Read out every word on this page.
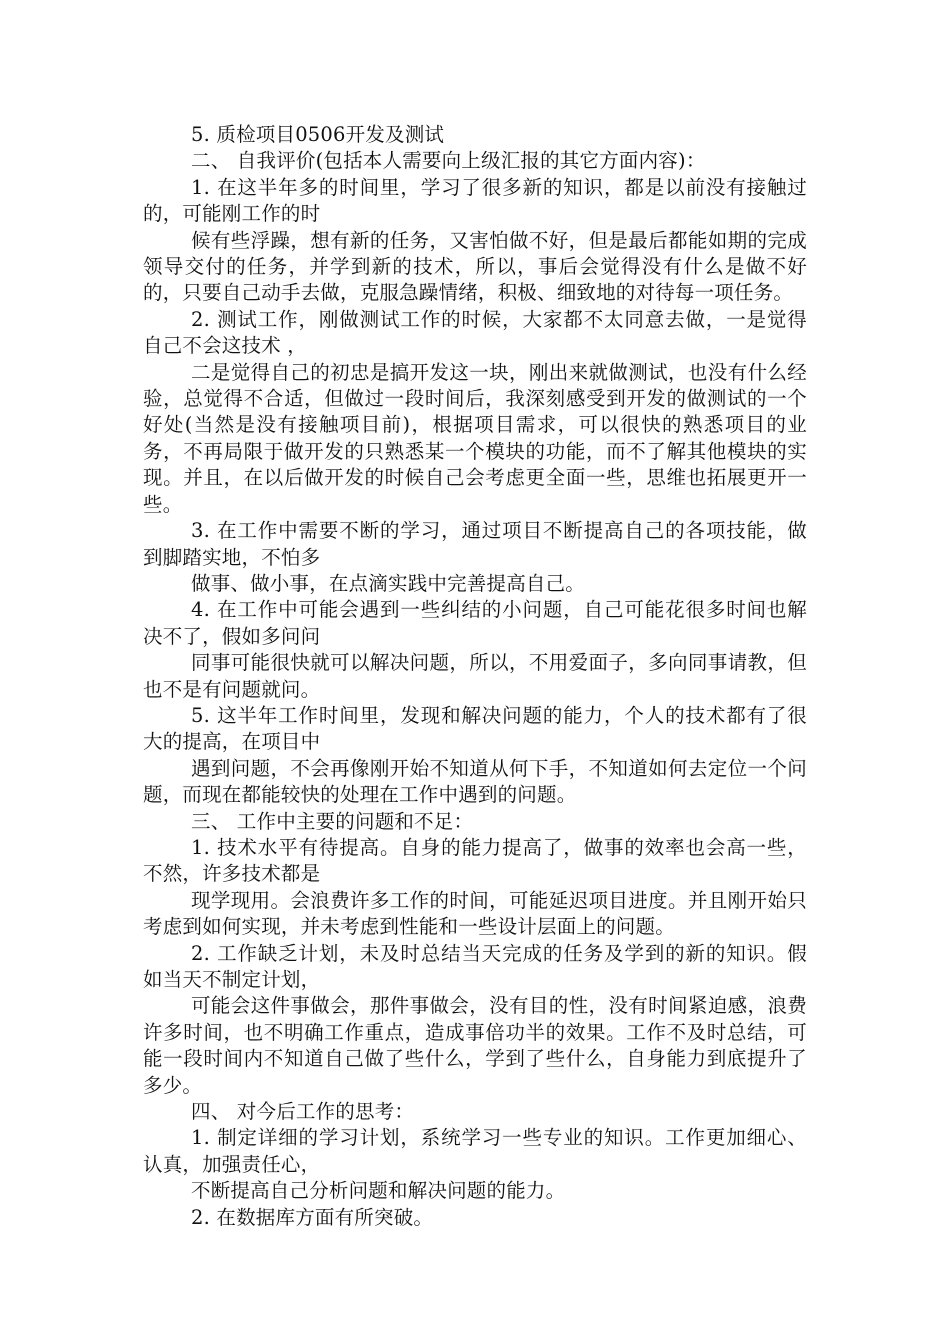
5. 质检项目0506开发及测试

二、 自我评价(包括本人需要向上级汇报的其它方面内容)：

1. 在这半年多的时间里，学习了很多新的知识，都是以前没有接触过的，可能刚工作的时

候有些浮躁，想有新的任务，又害怕做不好，但是最后都能如期的完成领导交付的任务，并学到新的技术，所以，事后会觉得没有什么是做不好的，只要自己动手去做，克服急躁情绪，积极、细致地的对待每一项任务。

2. 测试工作，刚做测试工作的时候，大家都不太同意去做，一是觉得自己不会这技术 ，

二是觉得自己的初忠是搞开发这一块，刚出来就做测试，也没有什么经验，总觉得不合适，但做过一段时间后，我深刻感受到开发的做测试的一个好处(当然是没有接触项目前)，根据项目需求，可以很快的熟悉项目的业务，不再局限于做开发的只熟悉某一个模块的功能，而不了解其他模块的实现。并且，在以后做开发的时候自己会考虑更全面一些，思维也拓展更开一些。

3. 在工作中需要不断的学习，通过项目不断提高自己的各项技能，做到脚踏实地，不怕多

做事、做小事，在点滴实践中完善提高自己。

4. 在工作中可能会遇到一些纠结的小问题，自己可能花很多时间也解决不了，假如多问问

同事可能很快就可以解决问题，所以，不用爱面子，多向同事请教，但也不是有问题就问。

5. 这半年工作时间里，发现和解决问题的能力，个人的技术都有了很大的提高，在项目中

遇到问题，不会再像刚开始不知道从何下手，不知道如何去定位一个问题，而现在都能较快的处理在工作中遇到的问题。

三、 工作中主要的问题和不足：

1. 技术水平有待提高。自身的能力提高了，做事的效率也会高一些，不然，许多技术都是

现学现用。会浪费许多工作的时间，可能延迟项目进度。并且刚开始只考虑到如何实现，并未考虑到性能和一些设计层面上的问题。

2. 工作缺乏计划，未及时总结当天完成的任务及学到的新的知识。假如当天不制定计划，

可能会这件事做会，那件事做会，没有目的性，没有时间紧迫感，浪费许多时间，也不明确工作重点，造成事倍功半的效果。工作不及时总结，可能一段时间内不知道自己做了些什么，学到了些什么，自身能力到底提升了多少。

四、 对今后工作的思考：

1. 制定详细的学习计划，系统学习一些专业的知识。工作更加细心、认真，加强责任心，

不断提高自己分析问题和解决问题的能力。

2. 在数据库方面有所突破。
